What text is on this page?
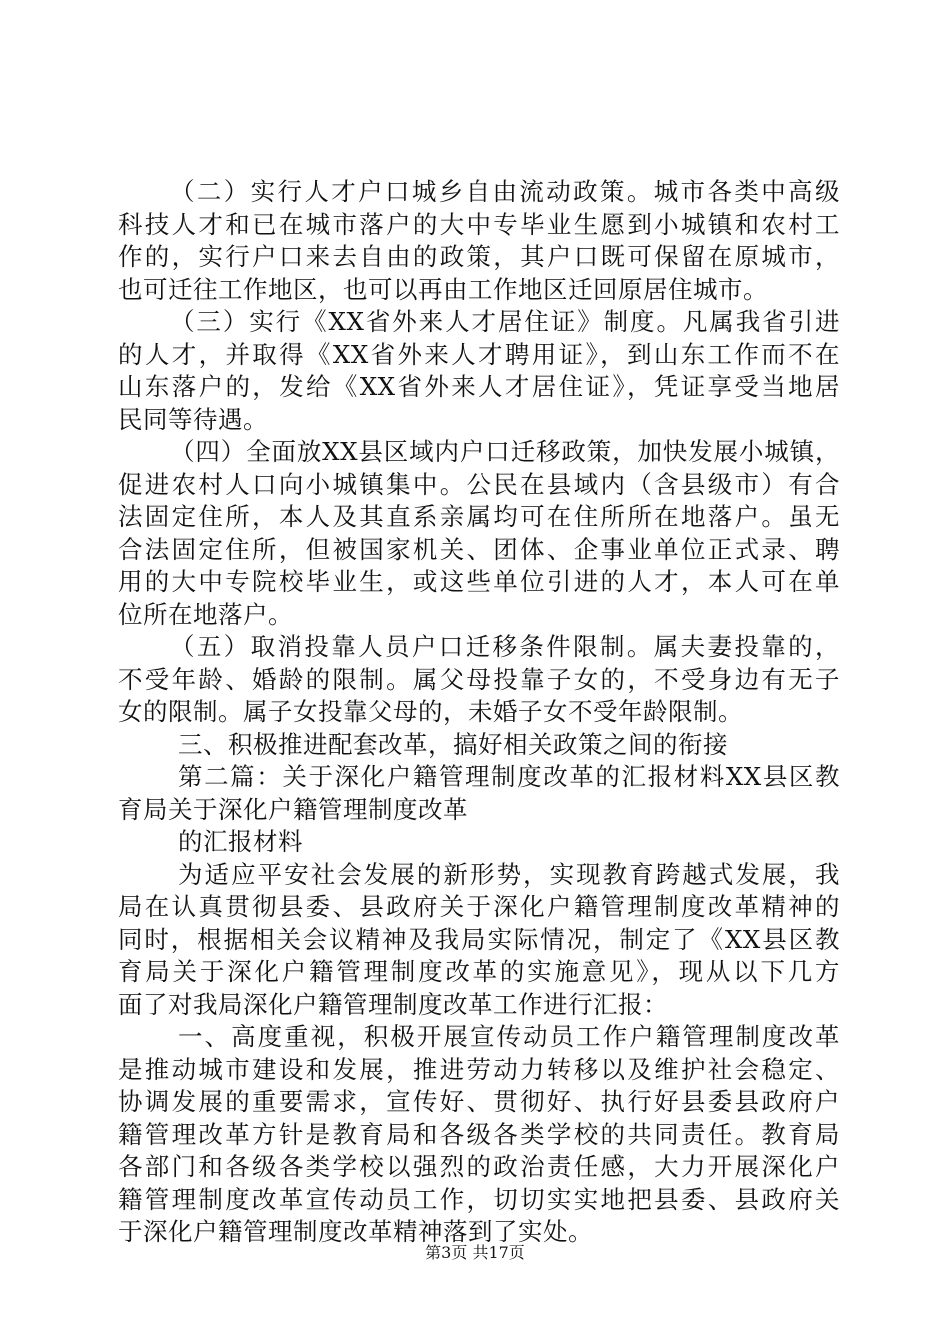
（二）实行人才户口城乡自由流动政策。城市各类中高级
科技人才和已在城市落户的大中专毕业生愿到小城镇和农村工
作的，实行户口来去自由的政策，其户口既可保留在原城市，
也可迁往工作地区，也可以再由工作地区迁回原居住城市。
（三）实行《XX省外来人才居住证》制度。凡属我省引进
的人才，并取得《XX省外来人才聘用证》，到山东工作而不在
山东落户的，发给《XX省外来人才居住证》，凭证享受当地居
民同等待遇。
（四）全面放XX县区域内户口迁移政策，加快发展小城镇，
促进农村人口向小城镇集中。公民在县域内（含县级市）有合
法固定住所，本人及其直系亲属均可在住所所在地落户。虽无
合法固定住所，但被国家机关、团体、企事业单位正式录、聘
用的大中专院校毕业生，或这些单位引进的人才，本人可在单
位所在地落户。
（五）取消投靠人员户口迁移条件限制。属夫妻投靠的，
不受年龄、婚龄的限制。属父母投靠子女的，不受身边有无子
女的限制。属子女投靠父母的，未婚子女不受年龄限制。
三、积极推进配套改革，搞好相关政策之间的衔接
第二篇：关于深化户籍管理制度改革的汇报材料XX县区教
育局关于深化户籍管理制度改革
的汇报材料
为适应平安社会发展的新形势，实现教育跨越式发展，我
局在认真贯彻县委、县政府关于深化户籍管理制度改革精神的
同时，根据相关会议精神及我局实际情况，制定了《XX县区教
育局关于深化户籍管理制度改革的实施意见》，现从以下几方
面了对我局深化户籍管理制度改革工作进行汇报：
一、高度重视，积极开展宣传动员工作户籍管理制度改革
是推动城市建设和发展，推进劳动力转移以及维护社会稳定、
协调发展的重要需求，宣传好、贯彻好、执行好县委县政府户
籍管理改革方针是教育局和各级各类学校的共同责任。教育局
各部门和各级各类学校以强烈的政治责任感，大力开展深化户
籍管理制度改革宣传动员工作，切切实实地把县委、县政府关
于深化户籍管理制度改革精神落到了实处。
第3页 共17页
